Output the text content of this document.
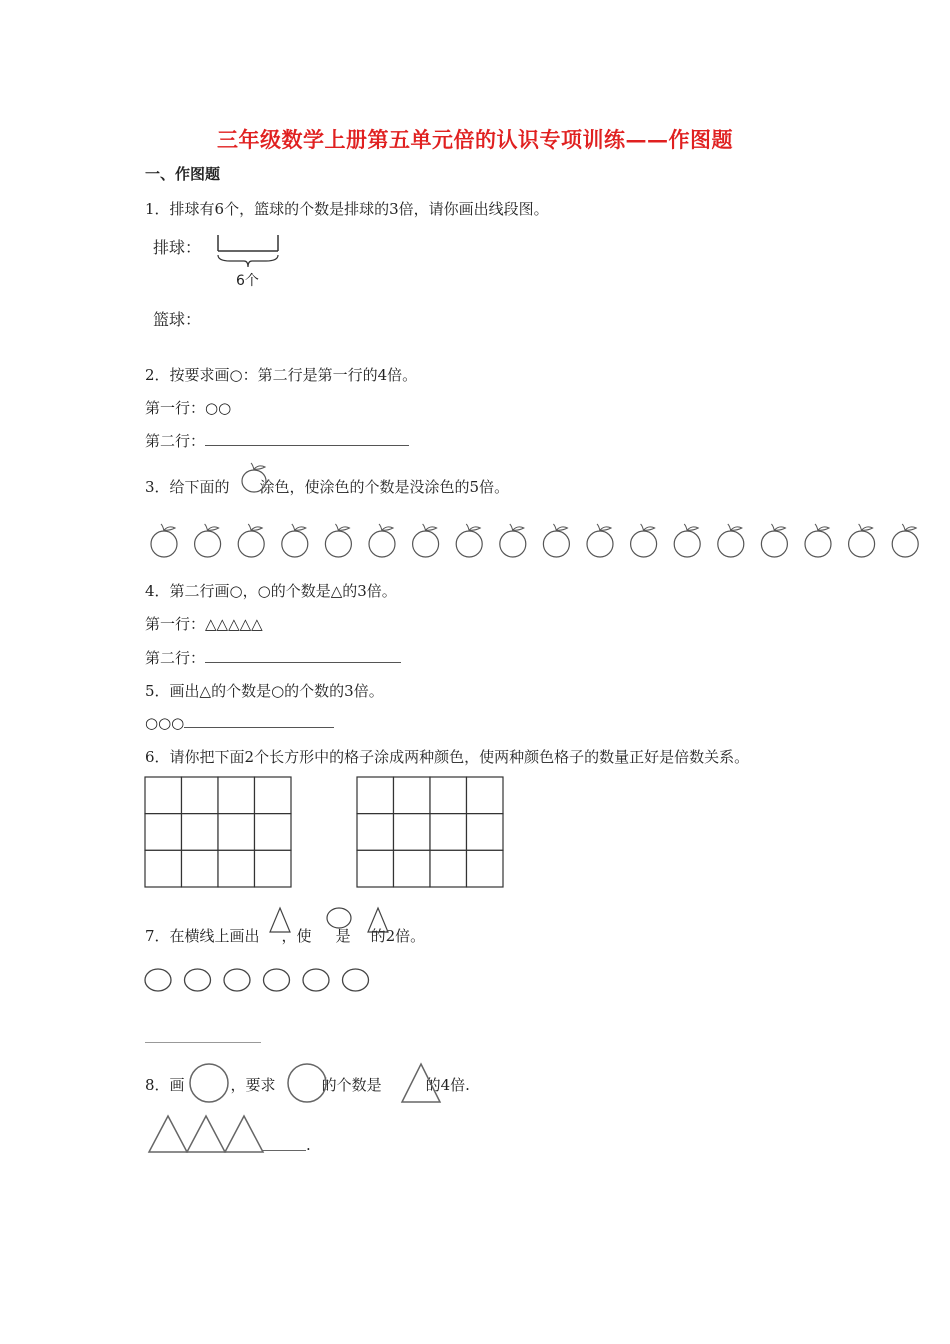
三年级数学上册第五单元倍的认识专项训练——作图题
一、作图题
1．排球有6个，篮球的个数是排球的3倍，请你画出线段图。
排球：
6个
篮球：
2．按要求画○：第二行是第一行的4倍。
第一行：○○
第二行：
3．给下面的 涂色，使涂色的个数是没涂色的5倍。
4．第二行画○，○的个数是△的3倍。
第一行：△△△△△
第二行：
5．画出△的个数是○的个数的3倍。
○○○
6．请你把下面2个长方形中的格子涂成两种颜色，使两种颜色格子的数量正好是倍数关系。
7．在横线上画出 ，使 是 的2倍。
8．画	，要求	的个数是	的4倍.
.
